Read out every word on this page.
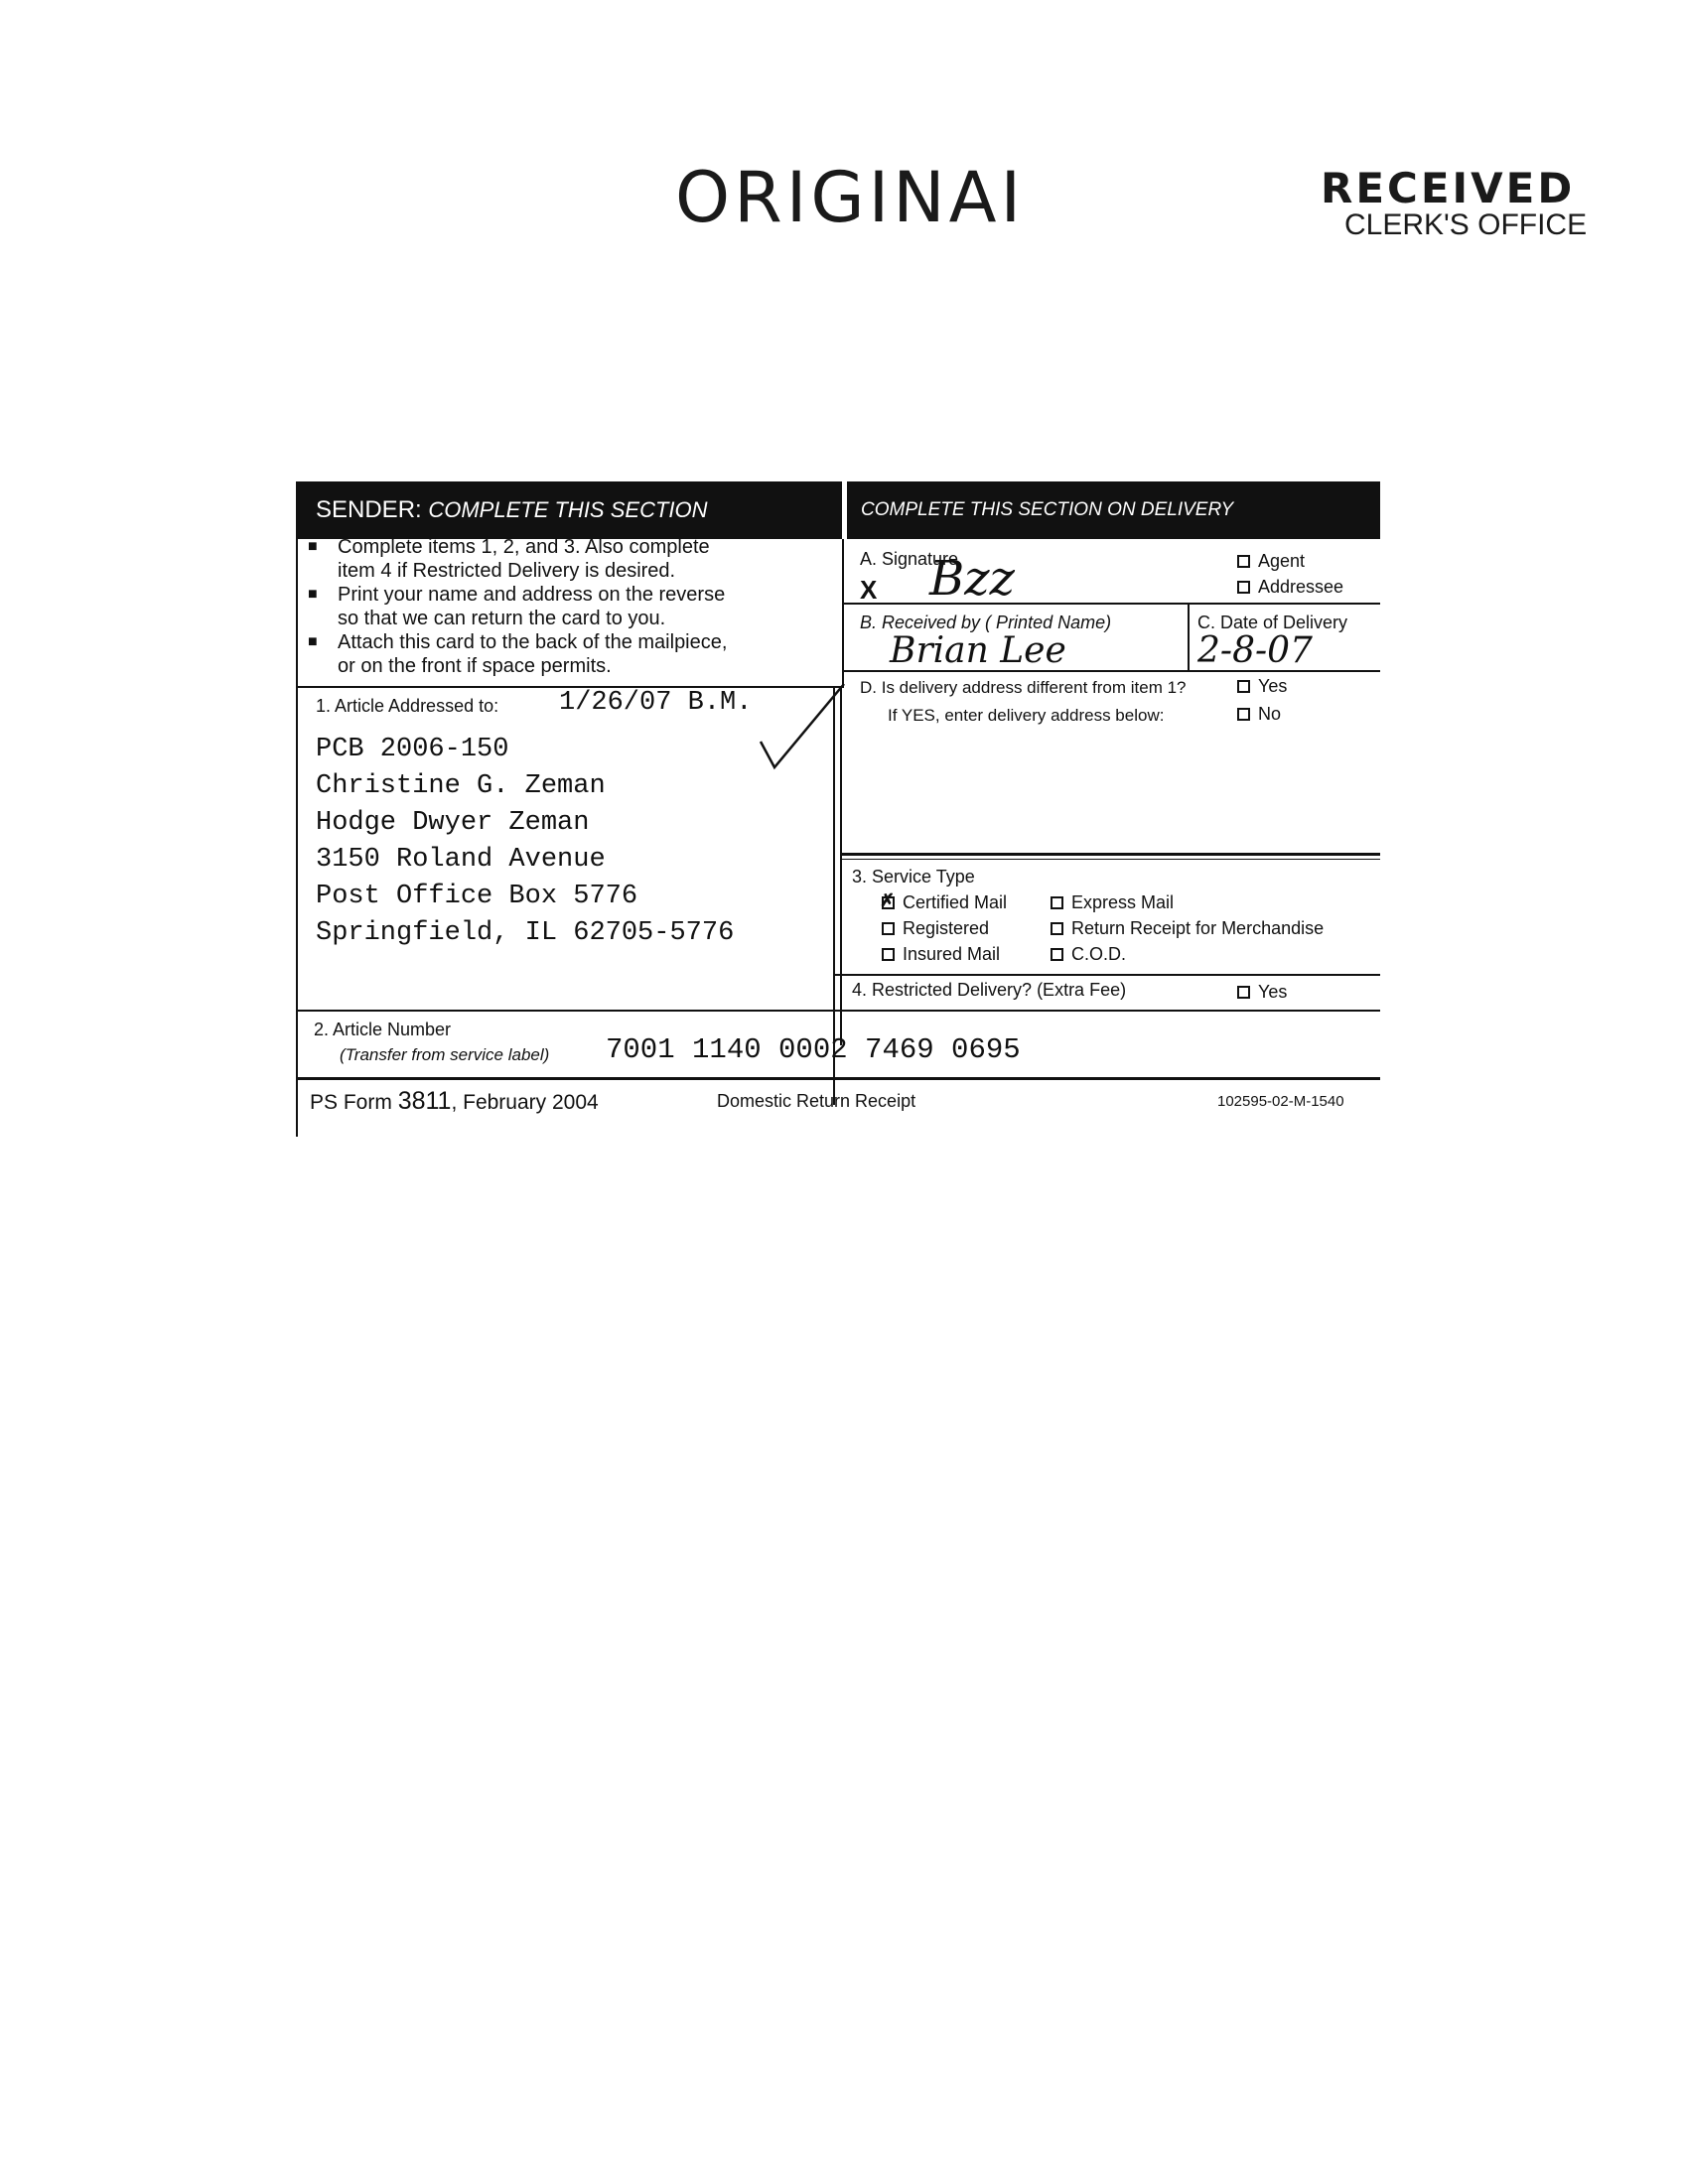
ORIGINAI	RECEIVED
CLERK'S OFFICE
SENDER:
COMPLETE THIS SECTION	COMPLETE THIS SECTION ON DELIVERY
■	Complete items 1, 2, and 3. Also complete
item 4 if Restricted Delivery is desired.
■	Print your name and address on the reverse
so that we can return the card to you.
■	Attach this card to the back of the mailpiece,
or on the front if space permits.
1. Article Addressed to: 1/26/07 B.M.
PCB 2006-150
Christine G. Zeman
Hodge Dwyer Zeman
3150 Roland Avenue
Post Office Box 5776
Springfield, IL 62705-5776
A. Signature
X Bzz	Agent
Addressee
B. Received by ( Printed Name)
Brian Lee
C. Date of Delivery
2-8-07
D. Is delivery address different from item 1?
If YES, enter delivery address below:
Yes
No
3. Service Type
✗ Certified Mail	Express Mail
Registered	Return Receipt for Merchandise
Insured Mail	C.O.D.
4. Restricted Delivery? (Extra Fee)	Yes
2. Article Number
(Transfer from service label) 7001 1140 0002 7469 0695
PS Form 3811, February 2004	Domestic Return Receipt	102595-02-M-1540
